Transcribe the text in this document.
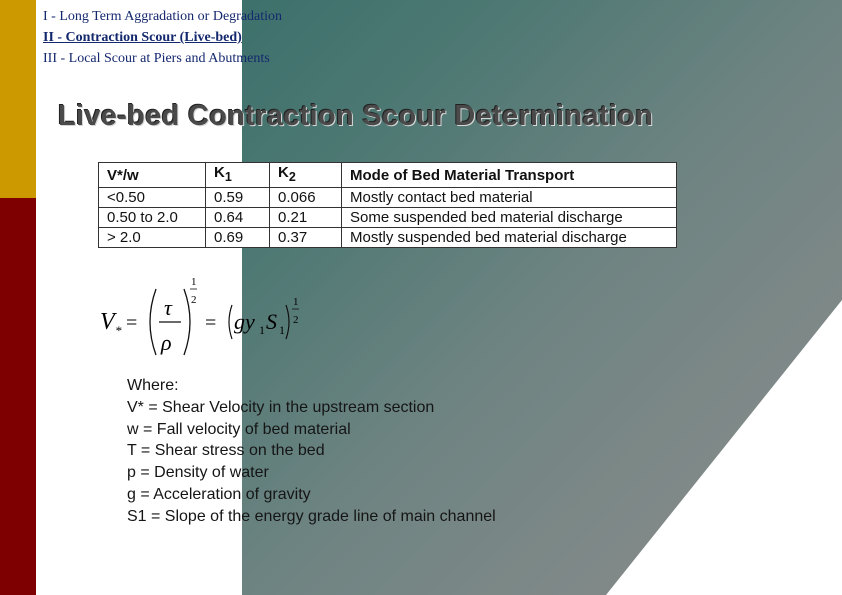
I - Long Term Aggradation or Degradation
II - Contraction Scour (Live-bed)
III - Local Scour at Piers and Abutments
Live-bed Contraction Scour Determination
V*/w	$K_1$	$K_2$	Mode of Bed Material Transport
<0.50	0.59	0.066	Mostly contact bed material
0.50 to 2.0	0.64	0.21	Some suspended bed material discharge
> 2.0	0.69	0.37	Mostly suspended bed material discharge
V * =
τ
ρ
1
2
= gy 1 S 1
1
2
Where:
V* = Shear Velocity in the upstream section
w = Fall velocity of bed material
T = Shear stress on the bed
p = Density of water
g = Acceleration of gravity
S1 = Slope of the energy grade line of main channel
